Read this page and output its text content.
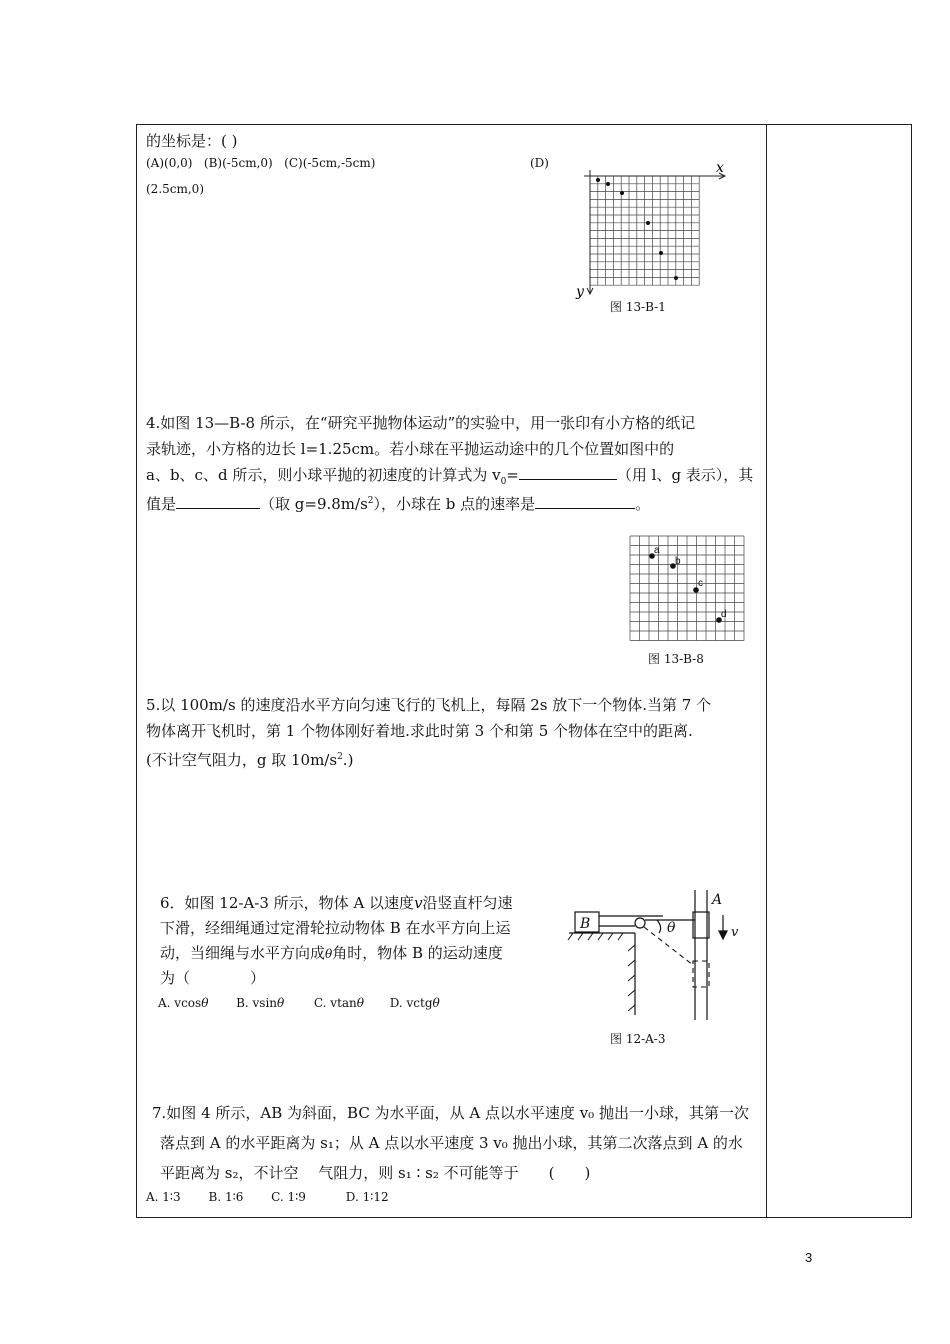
的坐标是：( )
(A)(0,0)   (B)(-5cm,0)   (C)(-5cm,-5cm)	(D)
(2.5cm,0)
x
y
图 13-B-1
4.如图 13—B-8 所示，在“研究平抛物体运动”的实验中，用一张印有小方格的纸记
录轨迹，小方格的边长 l=1.25cm。若小球在平抛运动途中的几个位置如图中的
a、b、c、d 所示，则小球平抛的初速度的计算式为 $v_0=$	（用 l、g 表示），其
值是	（取 $g=9.8m/s^2$），小球在 b 点的速率是	。
a
b
c
d
图 13-B-8
5.以 100m/s 的速度沿水平方向匀速飞行的飞机上，每隔 2s 放下一个物体.当第 7 个
物体离开飞机时，第 1 个物体刚好着地.求此时第 3 个和第 5 个物体在空中的距离.
(不计空气阻力，g 取 $10m/s^2$.)
6．如图 12-A-3 所示，物体 A 以速度v沿竖直杆匀速
下滑，经细绳通过定滑轮拉动物体 B 在水平方向上运
动，当细绳与水平方向成θ角时，物体 B 的运动速度
为（　　　　）
A. vcosθ B. vsinθ C. vtanθ D. vctgθ
B
A
θ	v
图 12-A-3
7.如图 4 所示，AB 为斜面，BC 为水平面，从 A 点以水平速度 v₀ 抛出一小球，其第一次
落点到 A 的水平距离为 s₁；从 A 点以水平速度 3 v₀ 抛出小球，其第二次落点到 A 的水
平距离为 s₂，不计空　 气阻力，则 s₁ ∶ s₂ 不可能等于　　(　　)
A. 1∶3　　 B. 1∶6　　 C. 1∶9　　　 D. 1∶12
3
